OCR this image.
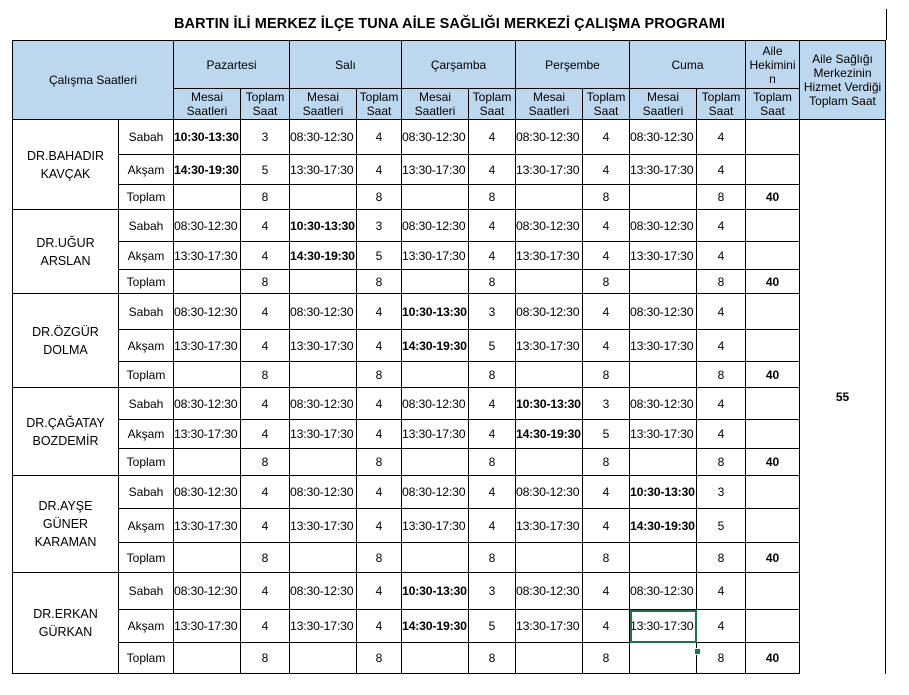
BARTIN İLİ MERKEZ İLÇE TUNA AİLE SAĞLIĞI MERKEZİ ÇALIŞMA PROGRAMI
Çalışma Saatleri		Pazartesi		Salı		Çarşamba		Perşembe		Cuma		Aile Hekimini n	Aile Sağlığı Merkezinin Hizmet Verdiği Toplam Saat
		Mesai Saatleri	Toplam Saat	Mesai Saatleri	Toplam Saat	Mesai Saatleri	Toplam Saat	Mesai Saatleri	Toplam Saat	Mesai Saatleri	Toplam Saat	Toplam Saat	
DR.BAHADIR KAVÇAK	Sabah	10:30-13:30	3	08:30-12:30	4	08:30-12:30	4	08:30-12:30	4	08:30-12:30	4		55
	Akşam	14:30-19:30	5	13:30-17:30	4	13:30-17:30	4	13:30-17:30	4	13:30-17:30	4		
	Toplam		8		8		8		8		8	40	
DR.UĞUR ARSLAN	Sabah	08:30-12:30	4	10:30-13:30	3	08:30-12:30	4	08:30-12:30	4	08:30-12:30	4		
	Akşam	13:30-17:30	4	14:30-19:30	5	13:30-17:30	4	13:30-17:30	4	13:30-17:30	4		
	Toplam		8		8		8		8		8	40	
DR.ÖZGÜR DOLMA	Sabah	08:30-12:30	4	08:30-12:30	4	10:30-13:30	3	08:30-12:30	4	08:30-12:30	4		
	Akşam	13:30-17:30	4	13:30-17:30	4	14:30-19:30	5	13:30-17:30	4	13:30-17:30	4		
	Toplam		8		8		8		8		8	40	
DR.ÇAĞATAY BOZDEMİR	Sabah	08:30-12:30	4	08:30-12:30	4	08:30-12:30	4	10:30-13:30	3	08:30-12:30	4		
	Akşam	13:30-17:30	4	13:30-17:30	4	13:30-17:30	4	14:30-19:30	5	13:30-17:30	4		
	Toplam		8		8		8		8		8	40	
DR.AYŞE GÜNER KARAMAN	Sabah	08:30-12:30	4	08:30-12:30	4	08:30-12:30	4	08:30-12:30	4	10:30-13:30	3		
	Akşam	13:30-17:30	4	13:30-17:30	4	13:30-17:30	4	13:30-17:30	4	14:30-19:30	5		
	Toplam		8		8		8		8		8	40	
DR.ERKAN GÜRKAN	Sabah	08:30-12:30	4	08:30-12:30	4	10:30-13:30	3	08:30-12:30	4	08:30-12:30	4		
	Akşam	13:30-17:30	4	13:30-17:30	4	14:30-19:30	5	13:30-17:30	4	13:30-17:30	4		
	Toplam		8		8		8		8		8	40	
